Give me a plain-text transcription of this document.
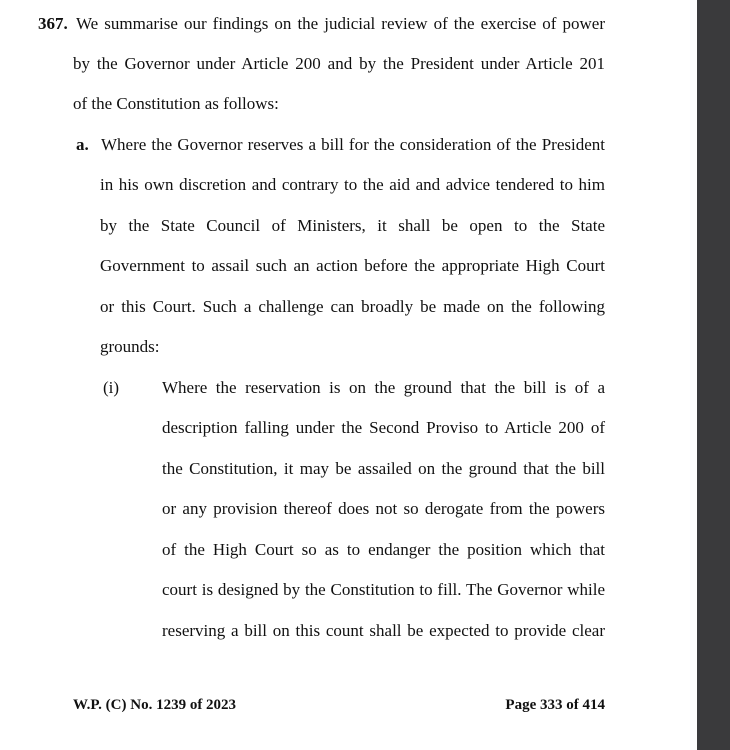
367. We summarise our findings on the judicial review of the exercise of power
by the Governor under Article 200 and by the President under Article 201
of the Constitution as follows:
a. Where the Governor reserves a bill for the consideration of the President
in his own discretion and contrary to the aid and advice tendered to him
by the State Council of Ministers, it shall be open to the State
Government to assail such an action before the appropriate High Court
or this Court. Such a challenge can broadly be made on the following
grounds:
(i)	Where the reservation is on the ground that the bill is of a
description falling under the Second Proviso to Article 200 of
the Constitution, it may be assailed on the ground that the bill
or any provision thereof does not so derogate from the powers
of the High Court so as to endanger the position which that
court is designed by the Constitution to fill. The Governor while
reserving a bill on this count shall be expected to provide clear
W.P. (C) No. 1239 of 2023	Page 333 of 414
